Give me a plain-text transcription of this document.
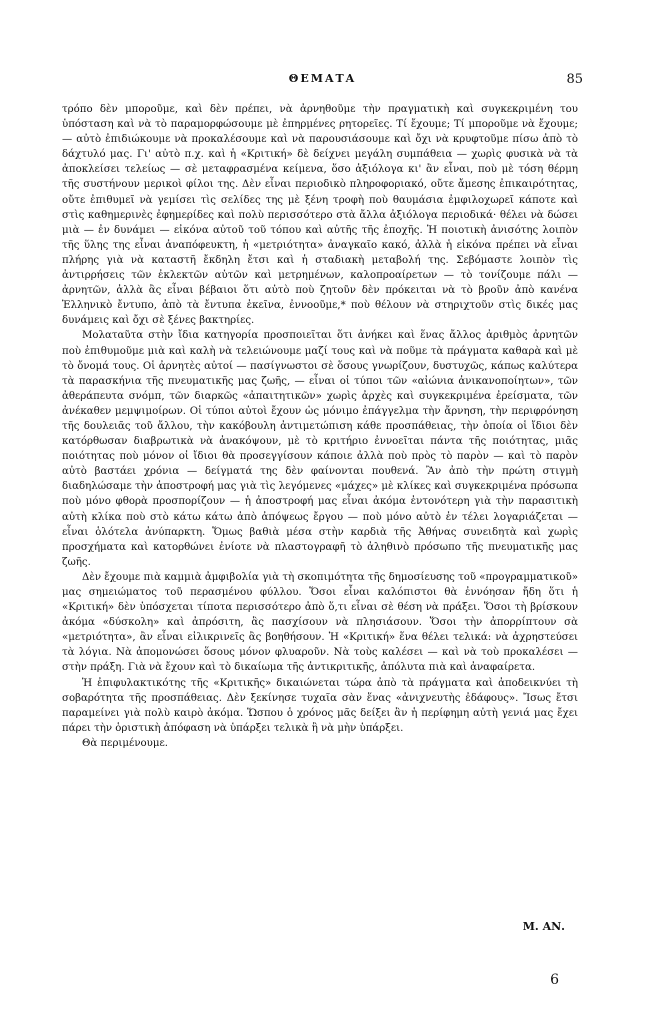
ΘΕΜΑΤΑ	85

τρόπο δὲν μποροῦμε, καὶ δὲν πρέπει, νὰ ἀρνηθοῦμε τὴν πραγματικὴ καὶ συγκεκριμένη του ὑπόσταση καὶ νὰ τὸ παραμορφώσουμε μὲ ἐπηρμένες ρητορεῖες. Τί ἔχουμε; Τί μποροῦμε νὰ ἔχουμε; — αὐτὸ ἐπιδιώκουμε νὰ προκαλέσουμε καὶ νὰ παρουσιάσουμε καὶ ὄχι νὰ κρυφτοῦμε πίσω ἀπὸ τὸ δάχτυλό μας. Γι' αὐτὸ π.χ. καὶ ἡ «Κριτική» δὲ δείχνει μεγάλη συμπάθεια — χωρὶς φυσικὰ νὰ τὰ ἀποκλείσει τελείως — σὲ μεταφρασμένα κείμενα, ὅσο ἀξιόλογα κι' ἂν εἶναι, ποὺ μὲ τόση θέρμη τῆς συστήνουν μερικοὶ φίλοι της. Δὲν εἶναι περιοδικὸ πληροφοριακό, οὔτε ἄμεσης ἐπικαιρότητας, οὔτε ἐπιθυμεῖ νὰ γεμίσει τὶς σελίδες της μὲ ξένη τροφὴ ποὺ θαυμάσια ἐμφιλοχωρεῖ κάποτε καὶ στὶς καθημερινὲς ἐφημερίδες καὶ πολὺ περισσότερο στὰ ἄλλα ἀξιόλογα περιοδικά· θέλει νὰ δώσει μιὰ — ἐν δυνάμει — εἰκόνα αὐτοῦ τοῦ τόπου καὶ αὐτῆς τῆς ἐποχῆς. Ἡ ποιοτικὴ ἀνισότης λοιπὸν τῆς ὕλης της εἶναι ἀναπόφευκτη, ἡ «μετριότητα» ἀναγκαῖο κακό, ἀλλὰ ἡ εἰκόνα πρέπει νὰ εἶναι πλήρης γιὰ νὰ καταστῆ ἔκδηλη ἔτσι καὶ ἡ σταδιακὴ μεταβολή της. Σεβόμαστε λοιπὸν τὶς ἀντιρρήσεις τῶν ἐκλεκτῶν αὐτῶν καὶ μετρημένων, καλοπροαίρετων — τὸ τονίζουμε πάλι — ἀρνητῶν, ἀλλὰ ἂς εἶναι βέβαιοι ὅτι αὐτὸ ποὺ ζητοῦν δὲν πρόκειται νὰ τὸ βροῦν ἀπὸ κανένα Ἑλληνικὸ ἔντυπο, ἀπὸ τὰ ἔντυπα ἐκεῖνα, ἐννοοῦμε,* ποὺ θέλουν νὰ στηριχτοῦν στὶς δικές μας δυνάμεις καὶ ὄχι σὲ ξένες βακτηρίες.

Μολαταῦτα στὴν ἴδια κατηγορία προσποιεῖται ὅτι ἀνήκει καὶ ἕνας ἄλλος ἀριθμὸς ἀρνητῶν ποὺ ἐπιθυμοῦμε μιὰ καὶ καλὴ νὰ τελειώνουμε μαζί τους καὶ νὰ ποῦμε τὰ πράγματα καθαρὰ καὶ μὲ τὸ ὄνομά τους. Οἱ ἀρνητὲς αὐτοί — πασίγνωστοι σὲ ὅσους γνωρίζουν, δυστυχῶς, κάπως καλύτερα τὰ παρασκήνια τῆς πνευματικῆς μας ζωῆς, — εἶναι οἱ τύποι τῶν «αἰώνια ἀνικανοποίητων», τῶν ἀθεράπευτα σνόμπ, τῶν διαρκῶς «ἀπαιτητικῶν» χωρὶς ἀρχὲς καὶ συγκεκριμένα ἐρείσματα, τῶν ἀνέκαθεν μεμψιμοίρων. Οἱ τύποι αὐτοὶ ἔχουν ὡς μόνιμο ἐπάγγελμα τὴν ἄρνηση, τὴν περιφρόνηση τῆς δουλειᾶς τοῦ ἄλλου, τὴν κακόβουλη ἀντιμετώπιση κάθε προσπάθειας, τὴν ὁποία οἱ ἴδιοι δὲν κατόρθωσαν διαβρωτικὰ νὰ ἀνακόψουν, μὲ τὸ κριτήριο ἐννοεῖται πάντα τῆς ποιότητας, μιᾶς ποιότητας ποὺ μόνον οἱ ἴδιοι θὰ προσεγγίσουν κάποιε ἀλλὰ ποὺ πρὸς τὸ παρὸν — καὶ τὸ παρὸν αὐτὸ βαστάει χρόνια — δείγματά της δὲν φαίνονται πουθενά. Ἂν ἀπὸ τὴν πρώτη στιγμὴ διαδηλώσαμε τὴν ἀποστροφή μας γιὰ τὶς λεγόμενες «μάχες» μὲ κλίκες καὶ συγκεκριμένα πρόσωπα ποὺ μόνο φθορὰ προσπορίζουν — ἡ ἀποστροφή μας εἶναι ἀκόμα ἐντονότερη γιὰ τὴν παρασιτικὴ αὐτὴ κλίκα ποὺ στὸ κάτω κάτω ἀπὸ ἀπόψεως ἔργου — ποὺ μόνο αὐτὸ ἐν τέλει λογαριάζεται — εἶναι ὁλότελα ἀνύπαρκτη. Ὅμως βαθιὰ μέσα στὴν καρδιὰ τῆς Ἀθήνας συνειδητὰ καὶ χωρὶς προσχήματα καὶ κατορθώνει ἐνίοτε νὰ πλαστογραφῆ τὸ ἀληθινὸ πρόσωπο τῆς πνευματικῆς μας ζωῆς.

Δὲν ἔχουμε πιὰ καμμιὰ ἀμφιβολία γιὰ τὴ σκοπιμότητα τῆς δημοσίευσης τοῦ «προγραμματικοῦ» μας σημειώματος τοῦ περασμένου φύλλου. Ὅσοι εἶναι καλόπιστοι θὰ ἐννόησαν ἤδη ὅτι ἡ «Κριτική» δὲν ὑπόσχεται τίποτα περισσότερο ἀπὸ ὅ,τι εἶναι σὲ θέση νὰ πράξει. Ὅσοι τὴ βρίσκουν ἀκόμα «δύσκολη» καὶ ἀπρόσιτη, ἂς πασχίσουν νὰ πλησιάσουν. Ὅσοι τὴν ἀπορρίπτουν σὰ «μετριότητα», ἂν εἶναι εἰλικρινεῖς ἂς βοηθήσουν. Ἡ «Κριτική» ἕνα θέλει τελικά: νὰ ἀχρηστεύσει τὰ λόγια. Νὰ ἀπομονώσει ὅσους μόνον φλυαροῦν. Νὰ τοὺς καλέσει — καὶ νὰ τοὺ προκαλέσει — στὴν πράξη. Γιὰ νὰ ἔχουν καὶ τὸ δικαίωμα τῆς ἀντικριτικῆς, ἀπόλυτα πιὰ καὶ ἀναφαίρετα.

Ἡ ἐπιφυλακτικότης τῆς «Κριτικῆς» δικαιώνεται τώρα ἀπὸ τὰ πράγματα καὶ ἀποδεικνύει τὴ σοβαρότητα τῆς προσπάθειας. Δὲν ξεκίνησε τυχαῖα σὰν ἕνας «ἀνιχνευτὴς ἐδάφους». Ἴσως ἔτσι παραμείνει γιὰ πολὺ καιρὸ ἀκόμα. Ὥσπου ὁ χρόνος μᾶς δείξει ἂν ἡ περίφημη αὐτὴ γενιά μας ἔχει πάρει τὴν ὁριστικὴ ἀπόφαση νὰ ὑπάρξει τελικὰ ἢ νὰ μὴν ὑπάρξει.

Θὰ περιμένουμε.

Μ. ΑΝ.
6
